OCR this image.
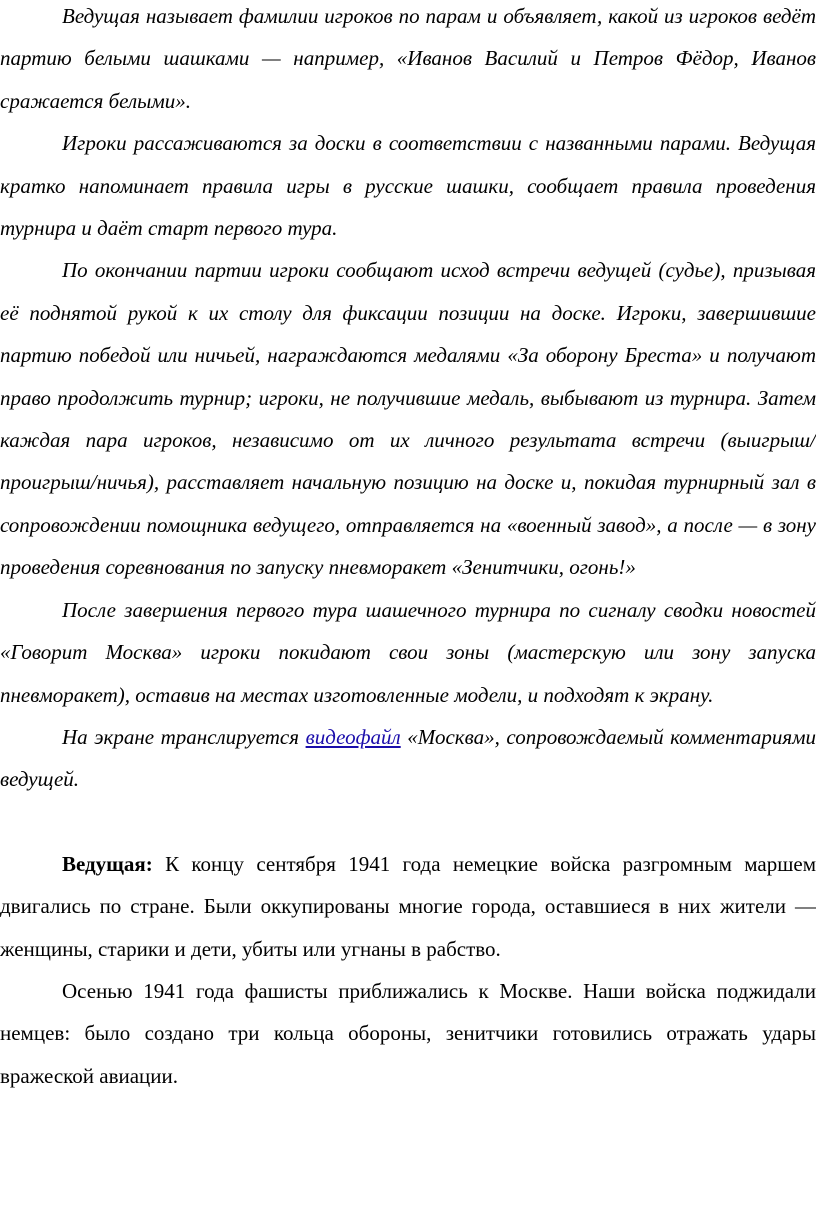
Ведущая называет фамилии игроков по парам и объявляет, какой из игроков ведёт партию белыми шашками — например, «Иванов Василий и Петров Фёдор, Иванов сражается белыми».

Игроки рассаживаются за доски в соответствии с названными парами. Ведущая кратко напоминает правила игры в русские шашки, сообщает правила проведения турнира и даёт старт первого тура.

По окончании партии игроки сообщают исход встречи ведущей (судье), призывая её поднятой рукой к их столу для фиксации позиции на доске. Игроки, завершившие партию победой или ничьей, награждаются медалями «За оборону Бреста» и получают право продолжить турнир; игроки, не получившие медаль, выбывают из турнира. Затем каждая пара игроков, независимо от их личного результата встречи (выигрыш/проигрыш/ничья), расставляет начальную позицию на доске и, покидая турнирный зал в сопровождении помощника ведущего, отправляется на «военный завод», а после — в зону проведения соревнования по запуску пневморакет «Зенитчики, огонь!»

После завершения первого тура шашечного турнира по сигналу сводки новостей «Говорит Москва» игроки покидают свои зоны (мастерскую или зону запуска пневморакет), оставив на местах изготовленные модели, и подходят к экрану.

На экране транслируется видеофайл «Москва», сопровождаемый комментариями ведущей.

Ведущая: К концу сентября 1941 года немецкие войска разгромным маршем двигались по стране. Были оккупированы многие города, оставшиеся в них жители — женщины, старики и дети, убиты или угнаны в рабство.

Осенью 1941 года фашисты приближались к Москве. Наши войска поджидали немцев: было создано три кольца обороны, зенитчики готовились отражать удары вражеской авиации.
